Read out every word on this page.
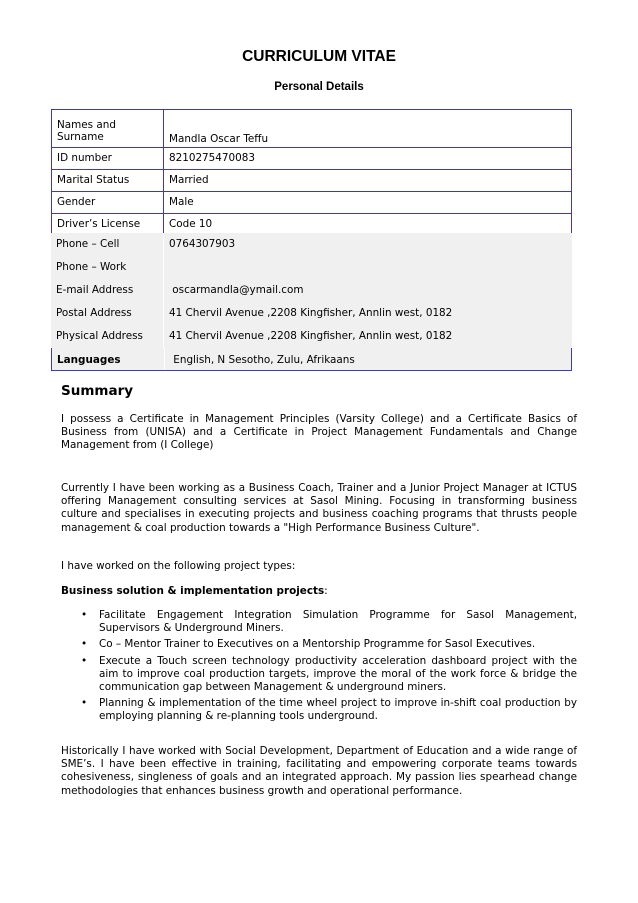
CURRICULUM VITAE
Personal Details
Names and
Surname	Mandla Oscar Teffu
ID number	8210275470083
Marital Status	Married
Gender	Male
Driver’s License	Code 10
Phone – Cell	0764307903
Phone – Work
E-mail Address	oscarmandla@ymail.com
Postal Address	41 Chervil Avenue ,2208 Kingfisher, Annlin west, 0182
Physical Address	41 Chervil Avenue ,2208 Kingfisher, Annlin west, 0182
Languages	English, N Sesotho, Zulu, Afrikaans
Summary
I possess a Certificate in Management Principles (Varsity College) and a Certificate Basics of Business from (UNISA) and a Certificate in Project Management Fundamentals and Change Management from (I College)
Currently I have been working as a Business Coach, Trainer and a Junior Project Manager at ICTUS offering Management consulting services at Sasol Mining. Focusing in transforming business culture and specialises in executing projects and business coaching programs that thrusts people management & coal production towards a "High Performance Business Culture".
I have worked on the following project types:
Business solution & implementation projects:
• Facilitate Engagement Integration Simulation Programme for Sasol Management, Supervisors & Underground Miners.
• Co – Mentor Trainer to Executives on a Mentorship Programme for Sasol Executives.
• Execute a Touch screen technology productivity acceleration dashboard project with the aim to improve coal production targets, improve the moral of the work force & bridge the communication gap between Management & underground miners.
• Planning & implementation of the time wheel project to improve in-shift coal production by employing planning & re-planning tools underground.
Historically I have worked with Social Development, Department of Education and a wide range of SME’s. I have been effective in training, facilitating and empowering corporate teams towards cohesiveness, singleness of goals and an integrated approach. My passion lies spearhead change methodologies that enhances business growth and operational performance.
